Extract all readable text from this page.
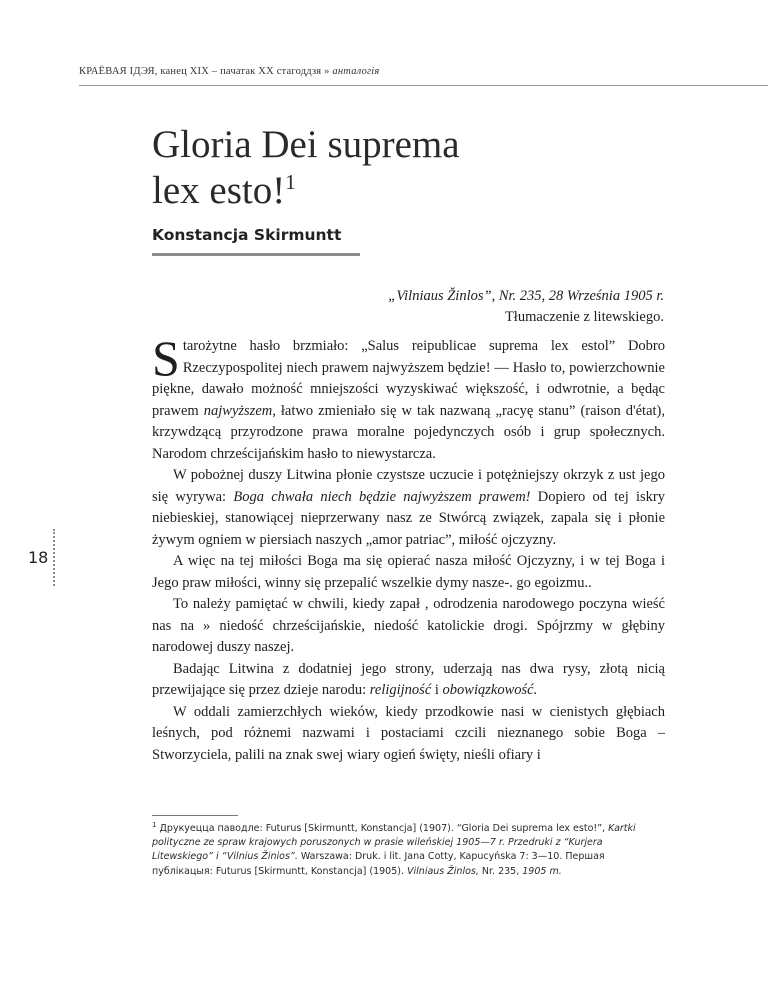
КРАЁВАЯ ІДЭЯ, канец XIX – пачатак XX стагоддзя » анталогія
Gloria Dei suprema
lex esto!$^1$
Konstancja Skirmuntt
„Vilniaus Žinlos”, Nr. 235, 28 Września 1905 r.
Tłumaczenie z litewskiego.
18

Starożytne hasło brzmiało: „Salus reipublicae suprema lex estol” Dobro Rzeczypospolitej niech prawem najwyższem będzie! — Hasło to, powierzchownie piękne, dawało możność mniejszości wyzyskiwać większość, i odwrotnie, a będąc prawem najwyższem, łatwo zmieniało się w tak nazwaną „racyę stanu” (raison d'état), krzywdzącą przyrodzone prawa moralne pojedynczych osób i grup społecznych. Narodom chrześcijańskim hasło to niewystarcza.

W pobożnej duszy Litwina płonie czystsze uczucie i potężniejszy okrzyk z ust jego się wyrywa: Boga chwała niech będzie najwyższem prawem! Dopiero od tej iskry niebieskiej, stanowiącej nieprzerwany nasz ze Stwórcą związek, zapala się i płonie żywym ogniem w piersiach naszych „amor patriac”, miłość ojczyzny.

A więc na tej miłości Boga ma się opierać nasza miłość Ojczyzny, i w tej Boga i Jego praw miłości, winny się przepalić wszelkie dymy nasze-. go egoizmu..

To należy pamiętać w chwili, kiedy zapał , odrodzenia narodowego poczyna wieść nas na » niedość chrześcijańskie, niedość katolickie drogi. Spójrzmy w głębiny narodowej duszy naszej.

Badając Litwina z dodatniej jego strony, uderzają nas dwa rysy, złotą nicią przewijające się przez dzieje narodu: religijność i obowiązkowość.

W oddali zamierzchłych wieków, kiedy przodkowie nasi w cienistych głębiach leśnych, pod różnemi nazwami i postaciami czcili nieznanego sobie Boga – Stworzyciela, palili na znak swej wiary ogień święty, nieśli ofiary i

$^1$ Друкуецца паводле: Futurus [Skirmuntt, Konstancja] (1907). “Gloria Dei suprema lex esto!”, Kartki polityczne ze spraw krajowych poruszonych w prasie wileńskiej 1905—7 r. Przedruki z “Kurjera Litewskiego” i “Vilnius Žinios”. Warszawa: Druk. i lit. Jana Cotty, Kapucyńska 7: 3—10. Першая публікацыя: Futurus [Skirmuntt, Konstancja] (1905). Vilniaus Žinlos, Nr. 235, 1905 m.
